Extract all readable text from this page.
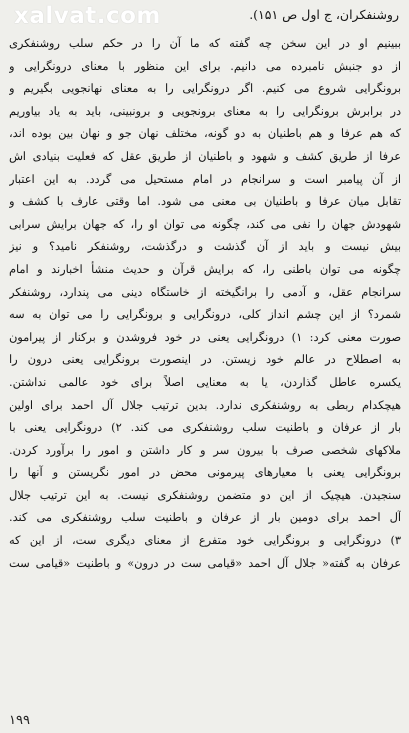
xalvat.com	روشنفکران، ج اول ص ۱۵۱).
ببینیم او در این سخن چه گفته که ما آن را در حکم سلب روشنفکری
از دو جنبش نامبرده می دانیم. برای این منظور با معنای درونگرایی و
برونگرایی شروع می کنیم. اگر درونگرایی را به معنای نهانجویی بگیریم و
در برابرش برونگرایی را به معنای برونجویی و برونبینی، باید به یاد بیاوریم
که هم عرفا و هم باطنیان به دو گونه، مختلف نهان جو و نهان بین بوده اند،
عرفا از طریق کشف و شهود و باطنیان از طریق عقل که فعلیت بنیادی اش
از آن پیامبر است و سرانجام در امام مستحیل می گردد. به این اعتبار
تقابل میان عرفا و باطنیان بی معنی می شود. اما وقتی عارف با کشف و
شهودش جهان را نفی می کند، چگونه می توان او را، که جهان برایش سرابی
بیش نیست و باید از آن گذشت و درگذشت، روشنفکر نامید؟ و نیز
چگونه می توان باطنی را، که برایش قرآن و حدیث منشأ اخبارند و امام
سرانجام عقل، و آدمی را برانگیخته از خاستگاه دینی می پندارد، روشنفکر
شمرد؟ از این چشم انداز کلی، درونگرایی و برونگرایی را می توان به سه
صورت معنی کرد: ۱) درونگرایی یعنی در خود فروشدن و برکنار از پیرامون
به اصطلاح در عالم خود زیستن. در اینصورت برونگرایی یعنی درون را
یکسره عاطل گذاردن، یا به معنایی اصلاً برای خود عالمی نداشتن.
هیچکدام ربطی به روشنفکری ندارد. بدین ترتیب جلال آل احمد برای اولین
بار از عرفان و باطنیت سلب روشنفکری می کند. ۲) درونگرایی یعنی با
ملاکهای شخصی صرف با بیرون سر و کار داشتن و امور را برآورد کردن.
برونگرایی یعنی با معیارهای پیرمونی محض در امور نگریستن و آنها را
سنجیدن. هیچیک از این دو متضمن روشنفکری نیست. به این ترتیب جلال
آل احمد برای دومین بار از عرفان و باطنیت سلب روشنفکری می کند.
۳) درونگرایی و برونگرایی خود متفرع از معنای دیگری ست، از این که
عرفان به گفته« جلال آل احمد «قیامی ست در درون» و باطنیت «قیامی ست
۱۹۹
